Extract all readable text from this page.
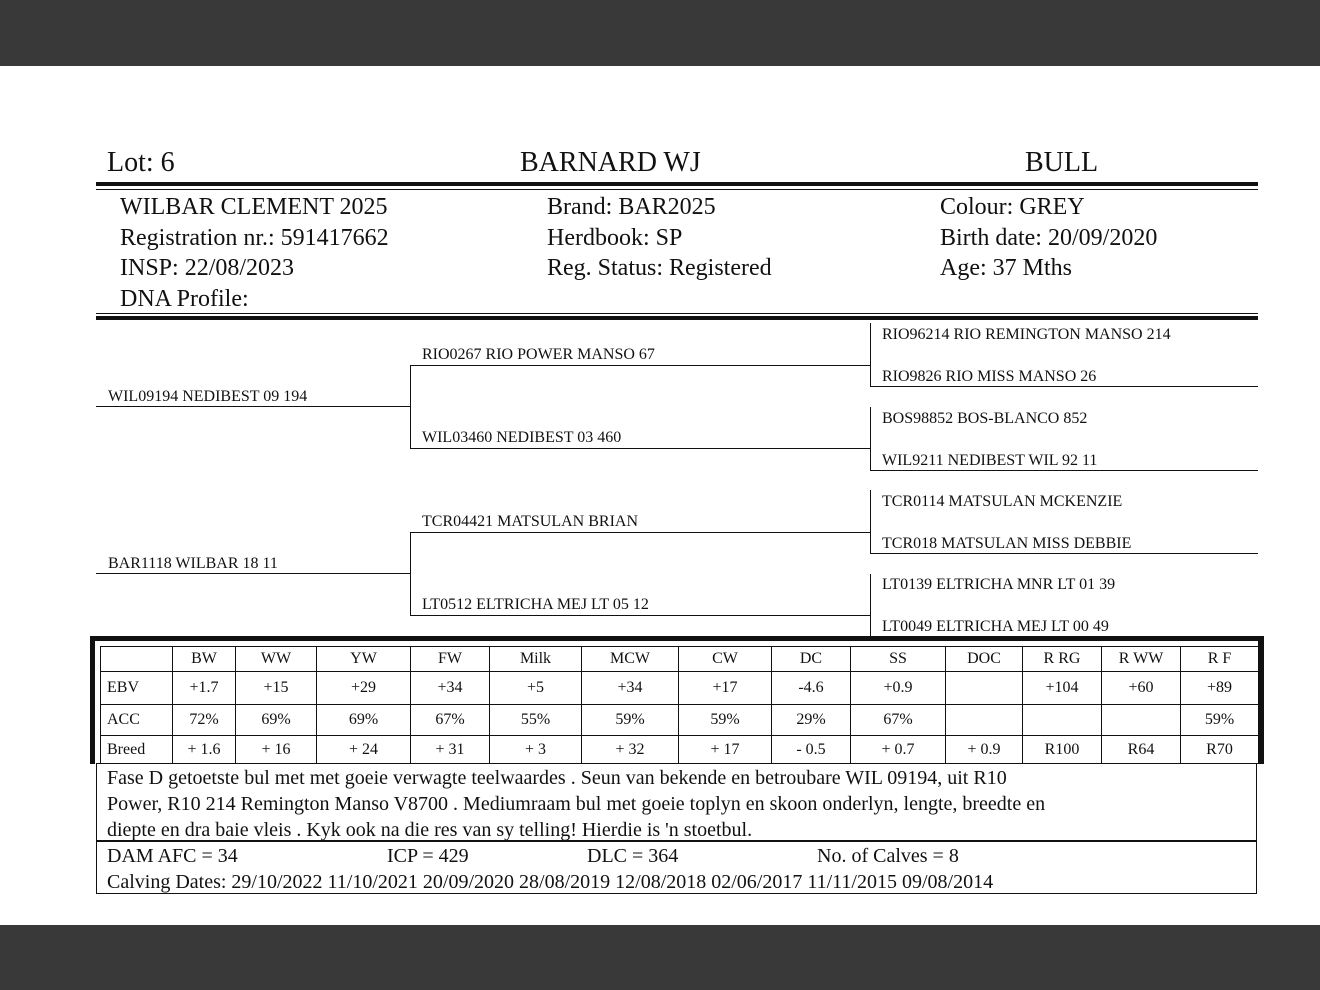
Lot: 6	BARNARD WJ	BULL
WILBAR CLEMENT 2025
Registration nr.: 591417662
INSP: 22/08/2023
DNA Profile:
Brand: BAR2025
Herdbook: SP
Reg. Status: Registered
Colour: GREY
Birth date: 20/09/2020
Age: 37 Mths
WIL09194 NEDIBEST 09 194
BAR1118 WILBAR 18 11
RIO0267 RIO POWER MANSO 67
WIL03460 NEDIBEST 03 460
TCR04421 MATSULAN BRIAN
LT0512 ELTRICHA MEJ LT 05 12
RIO96214 RIO REMINGTON MANSO 214
RIO9826 RIO MISS MANSO 26
BOS98852 BOS-BLANCO 852
WIL9211 NEDIBEST WIL 92 11
TCR0114 MATSULAN MCKENZIE
TCR018 MATSULAN MISS DEBBIE
LT0139 ELTRICHA MNR LT 01 39
LT0049 ELTRICHA MEJ LT 00 49
	BW	WW	YW	FW	Milk	MCW	CW	DC	SS	DOC	R RG	R WW	R F
EBV	+1.7	+15	+29	+34	+5	+34	+17	-4.6	+0.9		+104	+60	+89
ACC	72%	69%	69%	67%	55%	59%	59%	29%	67%				59%
Breed	+ 1.6	+ 16	+ 24	+ 31	+ 3	+ 32	+ 17	- 0.5	+ 0.7	+ 0.9	R100	R64	R70
Fase D getoetste bul met met goeie verwagte teelwaardes . Seun van bekende en betroubare WIL 09194, uit R10
Power, R10 214 Remington Manso V8700 . Mediumraam bul met goeie toplyn en skoon onderlyn, lengte, breedte en
diepte en dra baie vleis . Kyk ook na die res van sy telling! Hierdie is 'n stoetbul.
DAM AFC = 34	ICP = 429	DLC = 364	No. of Calves = 8
Calving Dates: 29/10/2022 11/10/2021 20/09/2020 28/08/2019 12/08/2018 02/06/2017 11/11/2015 09/08/2014
